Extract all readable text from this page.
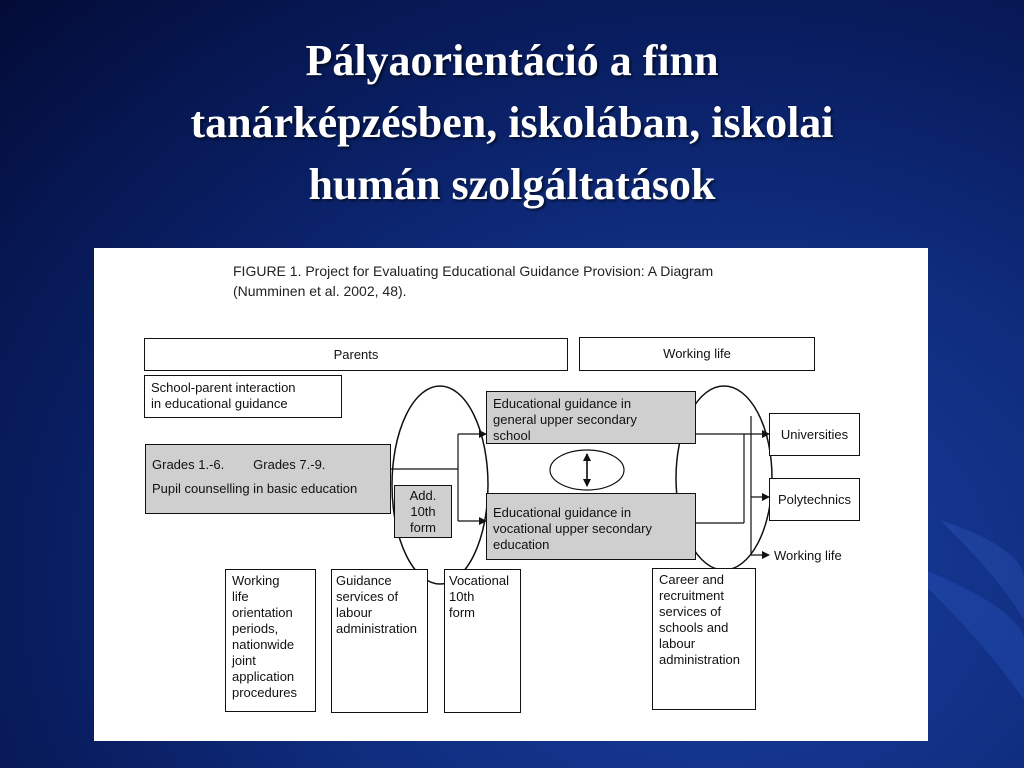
Pályaorientáció a finn
tanárképzésben, iskolában, iskolai
humán szolgáltatások

FIGURE 1. Project for Evaluating Educational Guidance Provision: A Diagram
(Numminen et al. 2002, 48).

Parents	Working life
School-parent interaction
in educational guidance
Grades 1.-6.        Grades 7.-9.
Pupil counselling in basic education	Add.
10th
form
Educational guidance in
general upper secondary
school
Educational guidance in
vocational upper secondary
education
Universities
Polytechnics
Working life
Working
life
orientation
periods,
nationwide
joint
application
procedures
Guidance
services of
labour
administration
Vocational
10th
form
Career and
recruitment
services of
schools and
labour
administration
